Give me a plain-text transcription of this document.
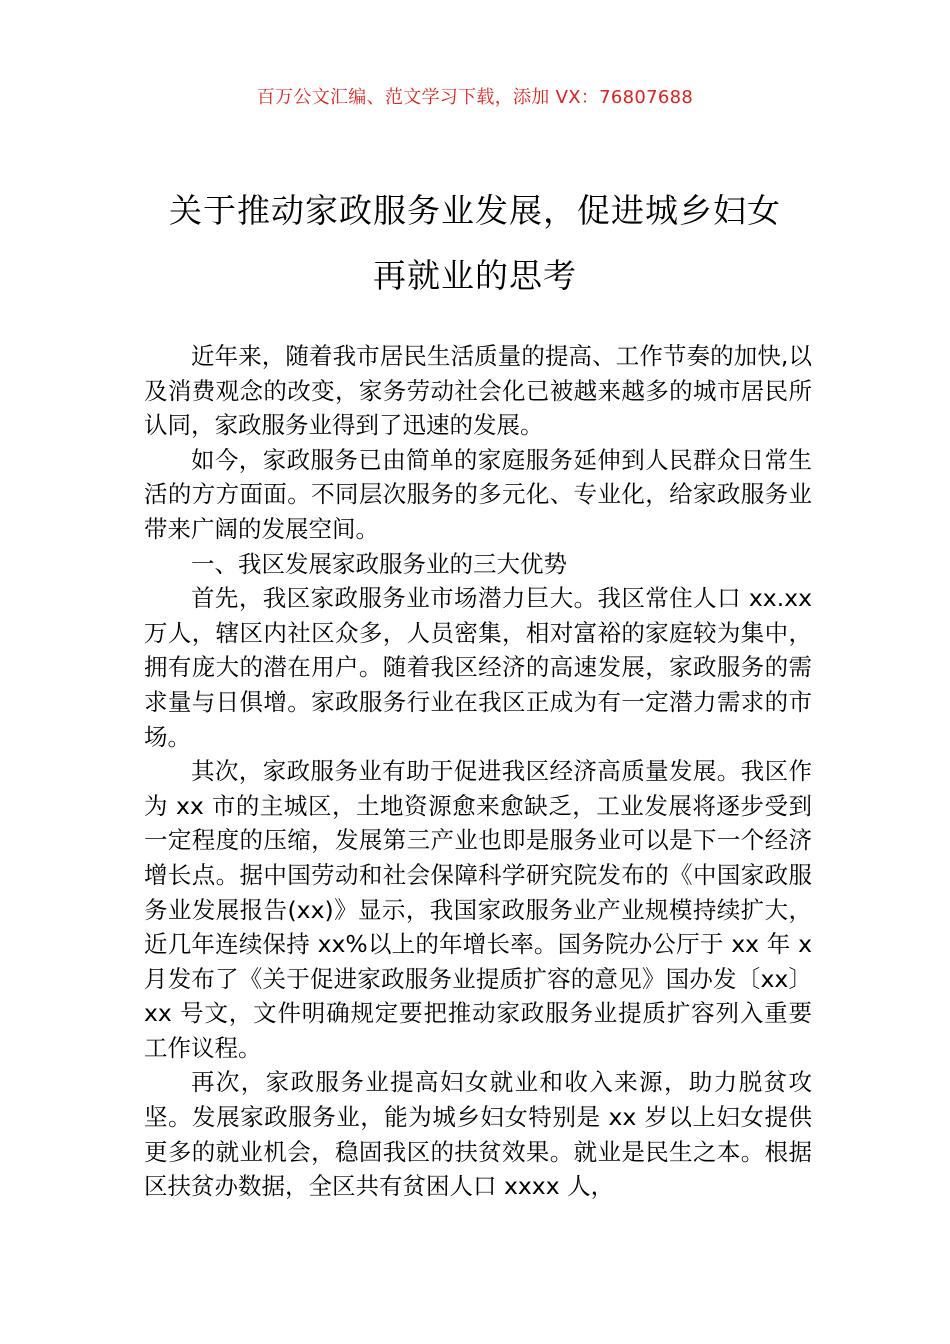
百万公文汇编、范文学习下载，添加 VX：76807688
关于推动家政服务业发展，促进城乡妇女
再就业的思考

近年来，随着我市居民生活质量的提高、工作节奏的加快,以及消费观念的改变，家务劳动社会化已被越来越多的城市居民所认同，家政服务业得到了迅速的发展。

如今，家政服务已由简单的家庭服务延伸到人民群众日常生活的方方面面。不同层次服务的多元化、专业化，给家政服务业带来广阔的发展空间。

一、我区发展家政服务业的三大优势

首先，我区家政服务业市场潜力巨大。我区常住人口 xx.xx 万人，辖区内社区众多，人员密集，相对富裕的家庭较为集中，拥有庞大的潜在用户。随着我区经济的高速发展，家政服务的需求量与日俱增。家政服务行业在我区正成为有一定潜力需求的市场。

其次，家政服务业有助于促进我区经济高质量发展。我区作为 xx 市的主城区，土地资源愈来愈缺乏，工业发展将逐步受到一定程度的压缩，发展第三产业也即是服务业可以是下一个经济增长点。据中国劳动和社会保障科学研究院发布的《中国家政服务业发展报告(xx)》显示，我国家政服务业产业规模持续扩大，近几年连续保持 xx%以上的年增长率。国务院办公厅于 xx 年 x 月发布了《关于促进家政服务业提质扩容的意见》国办发〔xx〕xx 号文，文件明确规定要把推动家政服务业提质扩容列入重要工作议程。

再次，家政服务业提高妇女就业和收入来源，助力脱贫攻坚。发展家政服务业，能为城乡妇女特别是 xx 岁以上妇女提供更多的就业机会，稳固我区的扶贫效果。就业是民生之本。根据区扶贫办数据，全区共有贫困人口 xxxx 人，
